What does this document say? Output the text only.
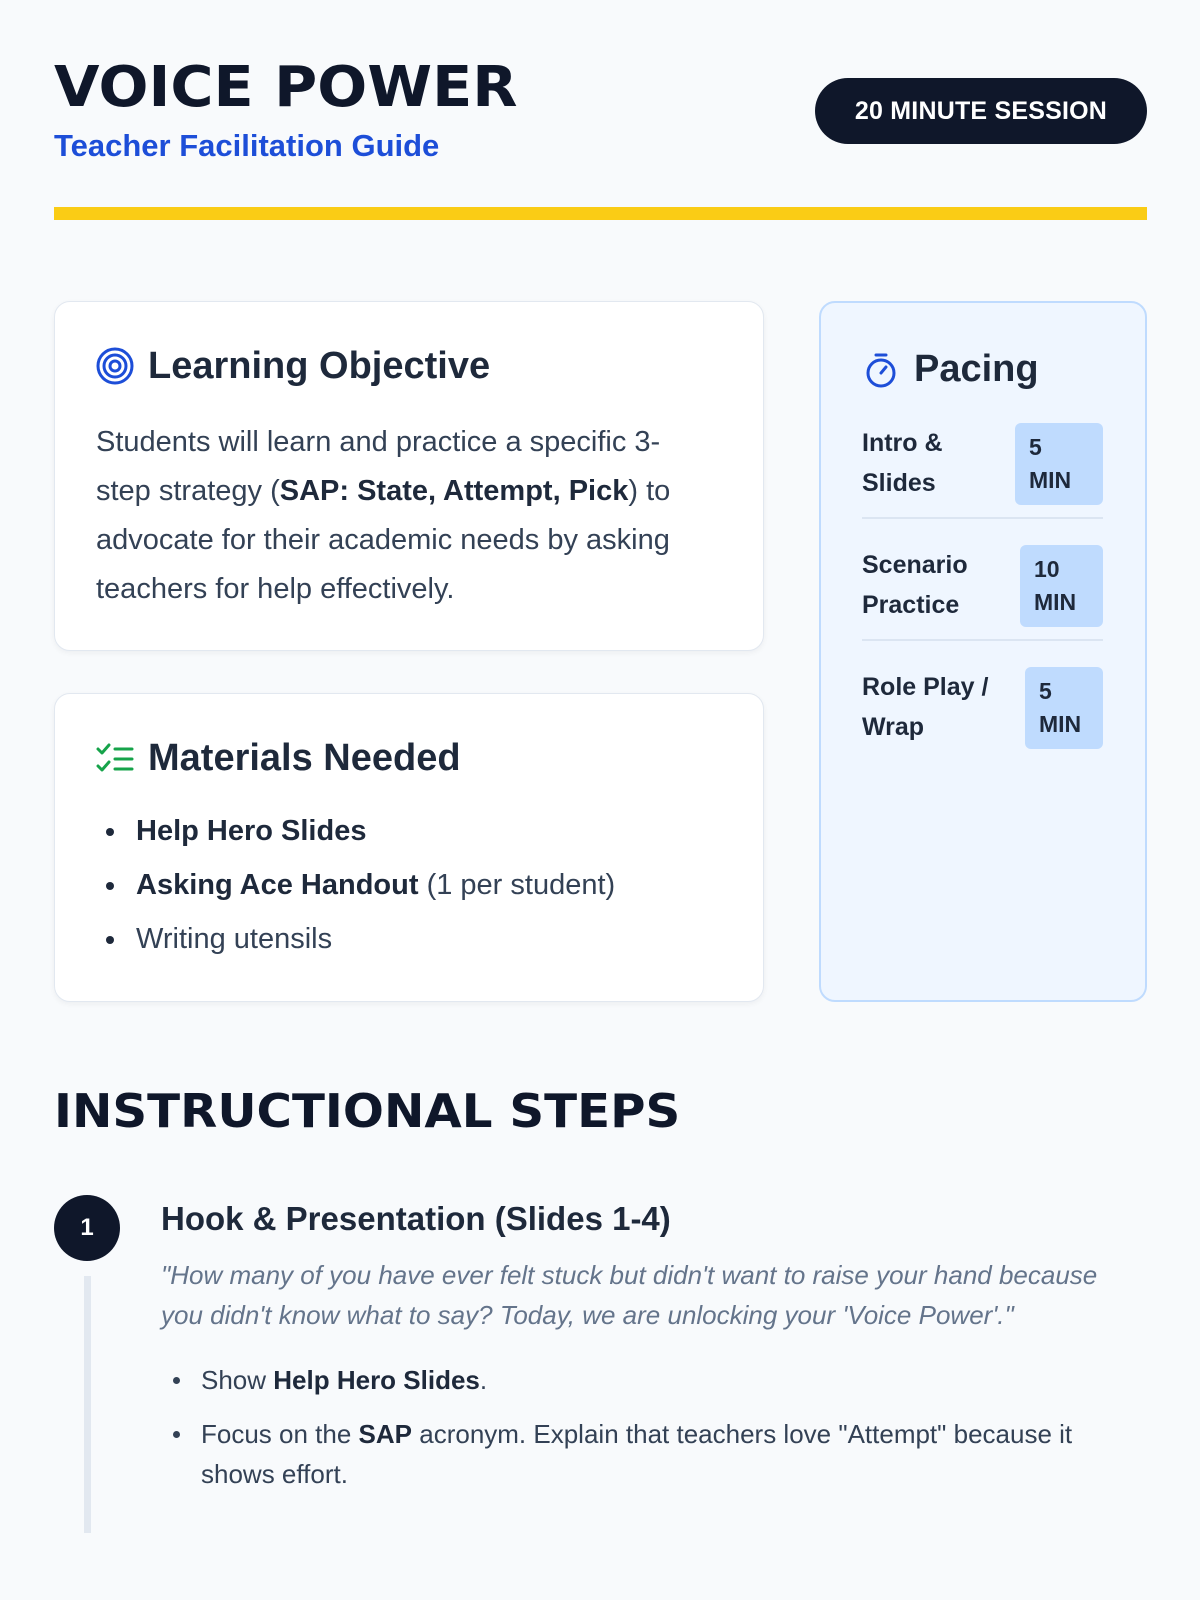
VOICE POWER
Teacher Facilitation Guide
20 MINUTE SESSION
Learning Objective

Students will learn and practice a specific 3-step strategy (SAP: State, Attempt, Pick) to advocate for their academic needs by asking teachers for help effectively.

Materials Needed
Help Hero Slides
Asking Ace Handout (1 per student)
Writing utensils
Pacing
Intro & Slides
5 MIN
Scenario Practice
10 MIN
Role Play / Wrap
5 MIN
INSTRUCTIONAL STEPS
1	Hook & Presentation (Slides 1-4)

"How many of you have ever felt stuck but didn't want to raise your hand because you didn't know what to say? Today, we are unlocking your 'Voice Power'."

Show Help Hero Slides.
Focus on the SAP acronym. Explain that teachers love "Attempt" because it shows effort.
